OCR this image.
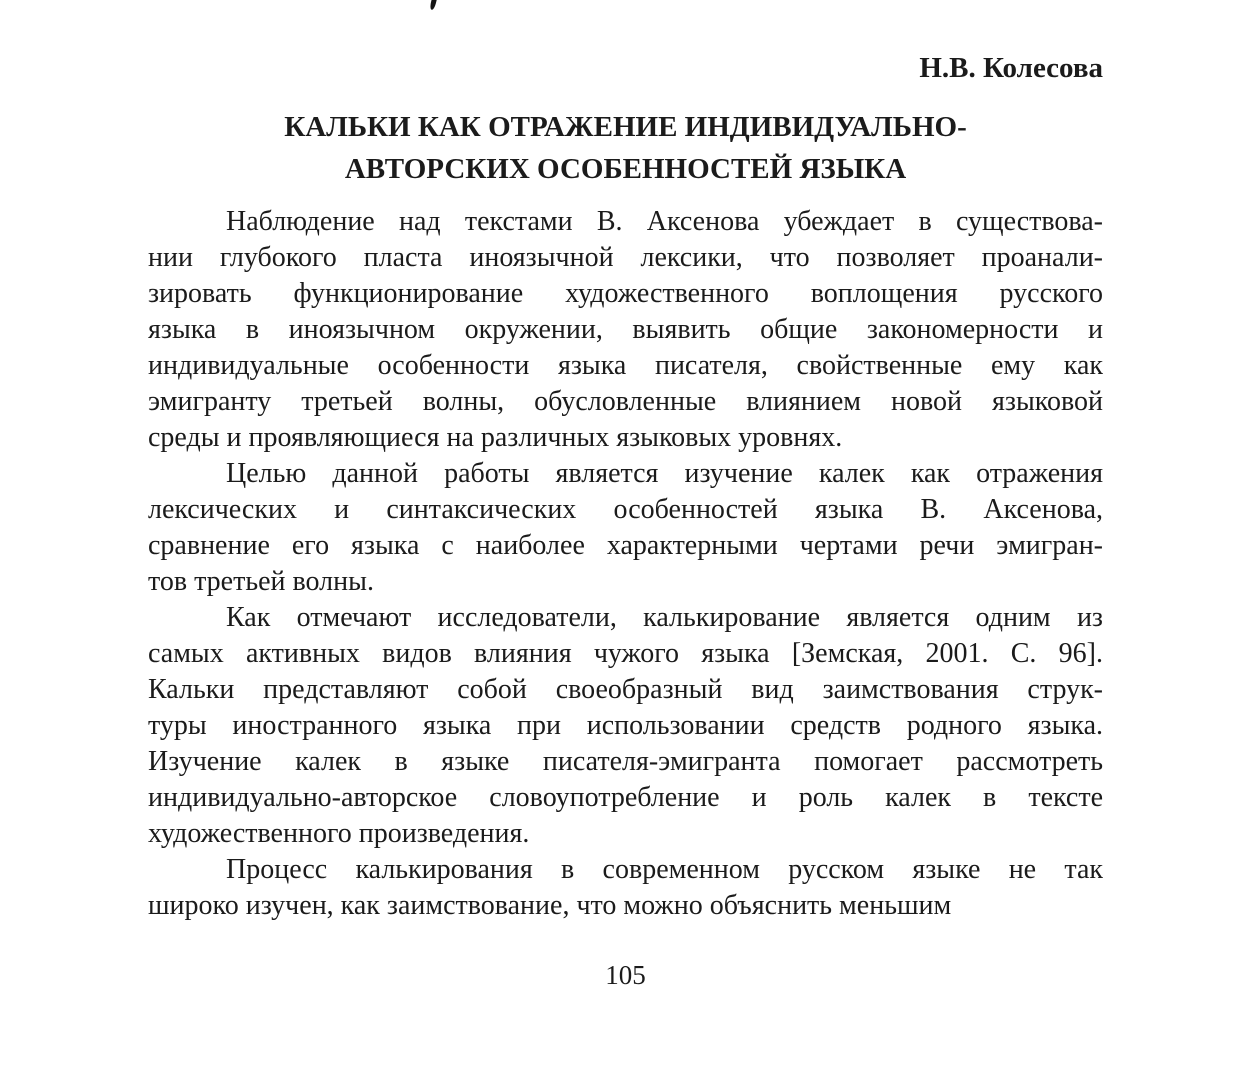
Н.В. Колесова
КАЛЬКИ КАК ОТРАЖЕНИЕ ИНДИВИДУАЛЬНО-
АВТОРСКИХ ОСОБЕННОСТЕЙ ЯЗЫКА
Наблюдение над текстами В. Аксенова убеждает в существова-
нии глубокого пласта иноязычной лексики, что позволяет проанали-
зировать функционирование художественного воплощения русского
языка в иноязычном окружении, выявить общие закономерности и
индивидуальные особенности языка писателя, свойственные ему как
эмигранту третьей волны, обусловленные влиянием новой языковой
среды и проявляющиеся на различных языковых уровнях.
Целью данной работы является изучение калек как отражения
лексических и синтаксических особенностей языка В. Аксенова,
сравнение его языка с наиболее характерными чертами речи эмигран-
тов третьей волны.
Как отмечают исследователи, калькирование является одним из
самых активных видов влияния чужого языка [Земская, 2001. С. 96].
Кальки представляют собой своеобразный вид заимствования струк-
туры иностранного языка при использовании средств родного языка.
Изучение калек в языке писателя-эмигранта помогает рассмотреть
индивидуально-авторское словоупотребление и роль калек в тексте
художественного произведения.
Процесс калькирования в современном русском языке не так
широко изучен, как заимствование, что можно объяснить меньшим
105
